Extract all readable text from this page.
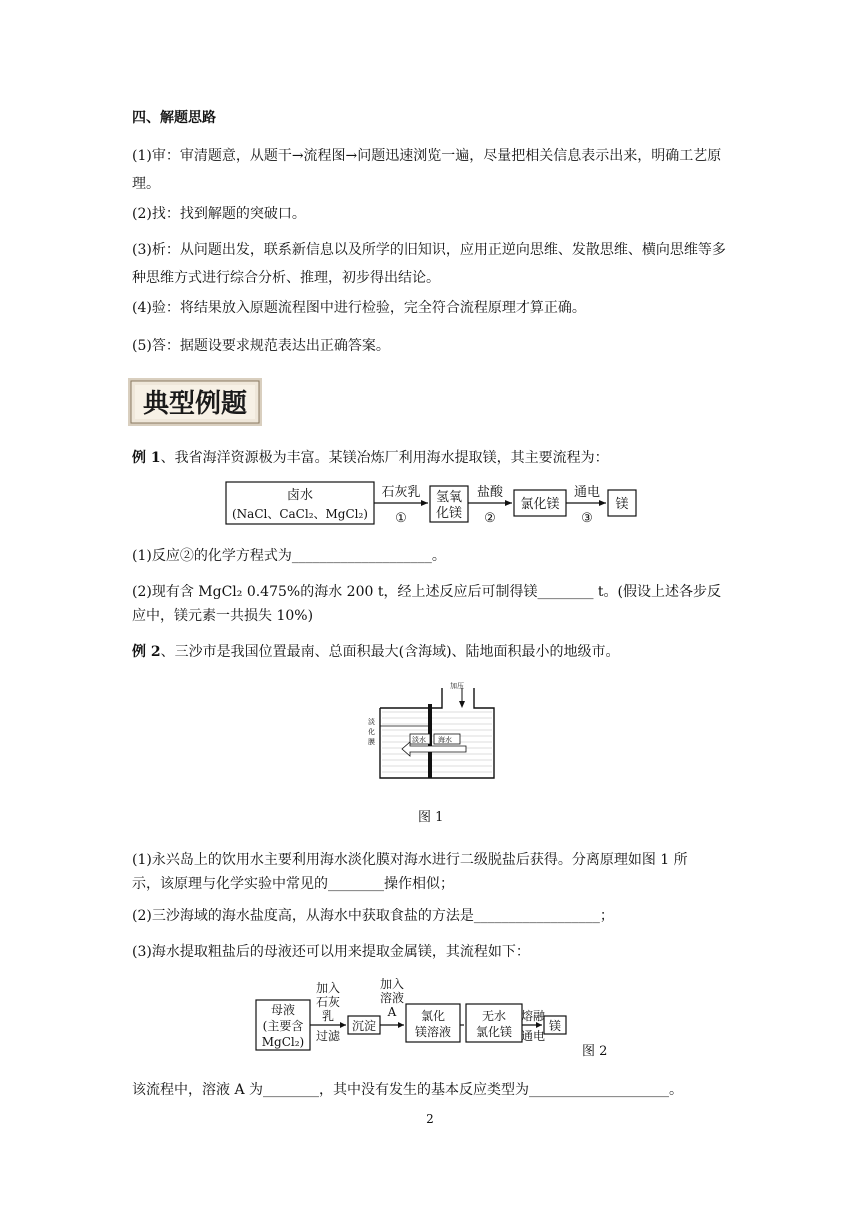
四、解题思路

(1)审：审清题意，从题干→流程图→问题迅速浏览一遍，尽量把相关信息表示出来，明确工艺原理。

(2)找：找到解题的突破口。

(3)析：从问题出发，联系新信息以及所学的旧知识，应用正逆向思维、发散思维、横向思维等多种思维方式进行综合分析、推理，初步得出结论。

(4)验：将结果放入原题流程图中进行检验，完全符合流程原理才算正确。

(5)答：据题设要求规范表达出正确答案。

典型例题

例 1、我省海洋资源极为丰富。某镁冶炼厂利用海水提取镁，其主要流程为：

卤水
(NaCl、CaCl₂、MgCl₂)
石灰乳
①
氢氧
化镁
盐酸
②
氯化镁
通电
③
镁

(1)反应②的化学方程式为____________________。

(2)现有含 MgCl₂ 0.475%的海水 200 t，经上述反应后可制得镁________ t。(假设上述各步反

应中，镁元素一共损失 10%)

例 2、三沙市是我国位置最南、总面积最大(含海域)、陆地面积最小的地级市。

加压
淡
化
膜	淡水 海水
图 1

(1)永兴岛上的饮用水主要利用海水淡化膜对海水进行二级脱盐后获得。分离原理如图 1 所

示，该原理与化学实验中常见的________操作相似；

(2)三沙海域的海水盐度高，从海水中获取食盐的方法是__________________；

(3)海水提取粗盐后的母液还可以用来提取金属镁，其流程如下：

母液
(主要含
MgCl₂)
加入
石灰
乳
过滤
沉淀
加入
溶液
A 氯化
镁溶液
无水
氯化镁
熔融
通电
镁
图 2

该流程中，溶液 A 为________，其中没有发生的基本反应类型为____________________。

2
